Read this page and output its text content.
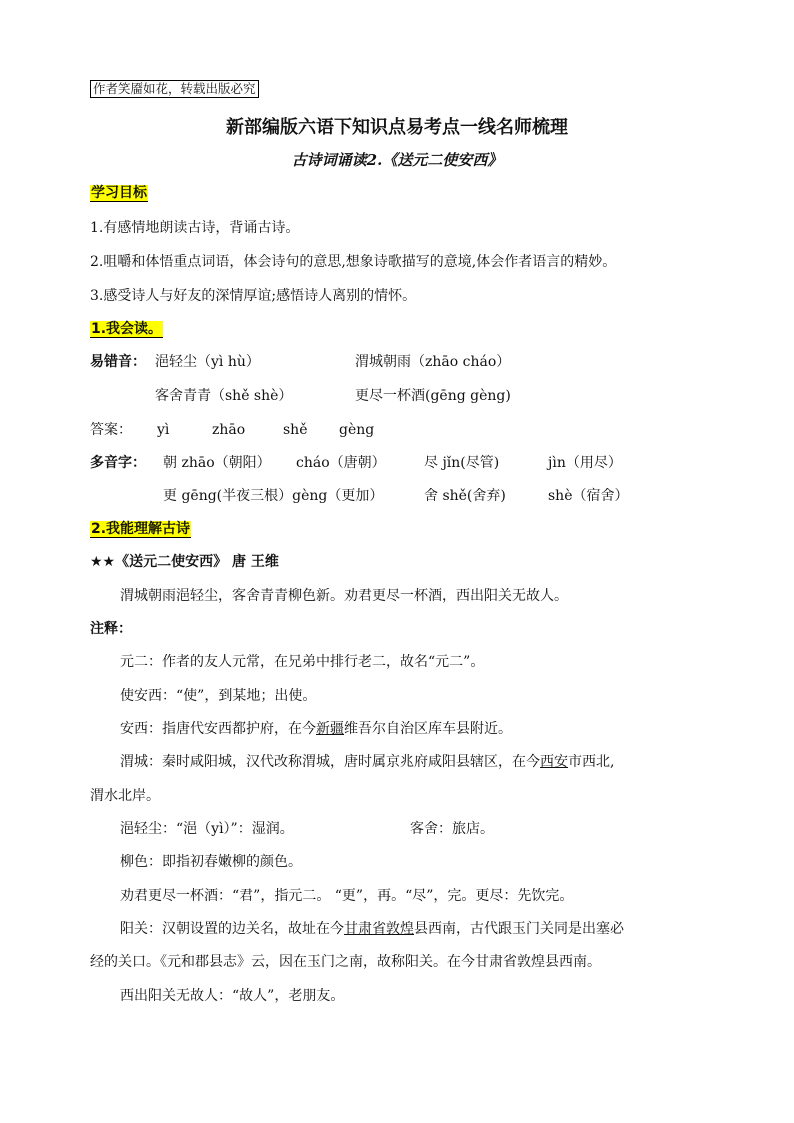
作者笑靥如花，转载出版必究
新部编版六语下知识点易考点一线名师梳理
古诗词诵读2.《送元二使安西》
学习目标
1.有感情地朗读古诗，背诵古诗。
2.咀嚼和体悟重点词语，体会诗句的意思,想象诗歌描写的意境,体会作者语言的精妙。
3.感受诗人与好友的深情厚谊;感悟诗人离别的情怀。
1.我会读。
易错音： 浥轻尘（yì hù）	渭城朝雨（zhāo cháo）
客舍青青（shě shè）	更尽一杯酒(gēng gèng)
答案： yì	zhāo	shě gèng
多音字： 朝 zhāo（朝阳） cháo（唐朝）	尽 jǐn(尽管)	jìn（用尽）
更 gēng(半夜三根）gèng（更加）	舍 shě(舍弃)	shè（宿舍）
2.我能理解古诗
★★《送元二使安西》 唐 王维
渭城朝雨浥轻尘，客舍青青柳色新。劝君更尽一杯酒，西出阳关无故人。
注释：
元二：作者的友人元常，在兄弟中排行老二，故名“元二”。
使安西：“使”，到某地；出使。
安西：指唐代安西都护府，在今新疆维吾尔自治区库车县附近。
渭城：秦时咸阳城，汉代改称渭城，唐时属京兆府咸阳县辖区，在今西安市西北,
渭水北岸。
浥轻尘：“浥（yì）”：湿润。	客舍：旅店。
柳色：即指初春嫩柳的颜色。
劝君更尽一杯酒：“君”，指元二。 “更”，再。“尽”，完。更尽：先饮完。
阳关：汉朝设置的边关名，故址在今甘肃省敦煌县西南，古代跟玉门关同是出塞必
经的关口。《元和郡县志》云，因在玉门之南，故称阳关。在今甘肃省敦煌县西南。
西出阳关无故人：“故人”，老朋友。
